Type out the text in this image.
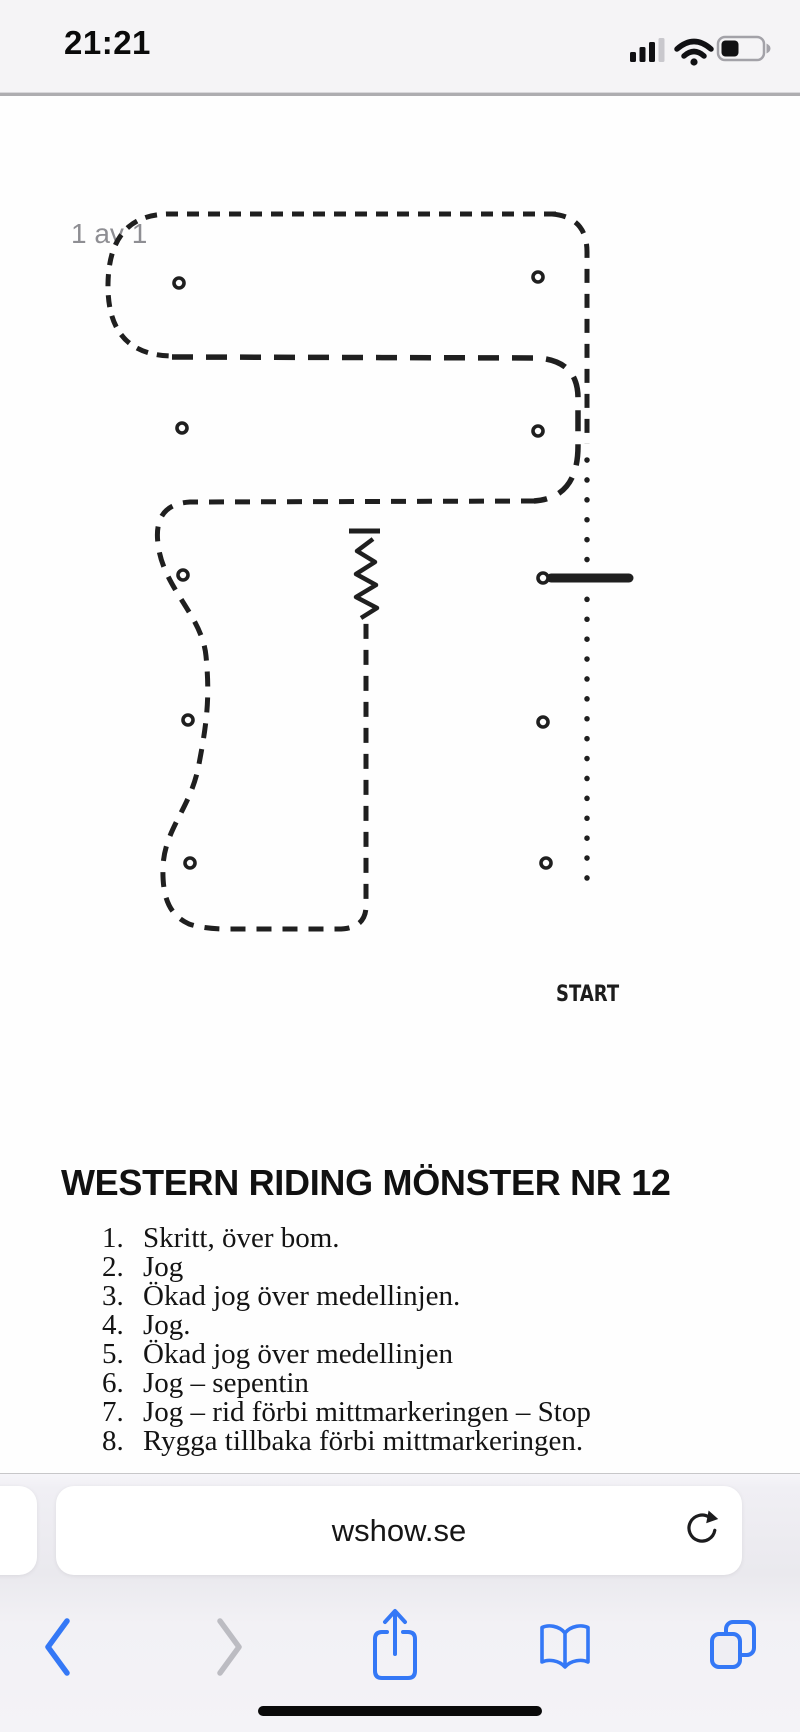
21:21
1 av 1
START
WESTERN RIDING MÖNSTER NR 12
1. Skritt, över bom.
2. Jog
3. Ökad jog över medellinjen.
4. Jog.
5. Ökad jog över medellinjen
6. Jog – sepentin
7. Jog – rid förbi mittmarkeringen – Stop
8. Rygga tillbaka förbi mittmarkeringen.
wshow.se
